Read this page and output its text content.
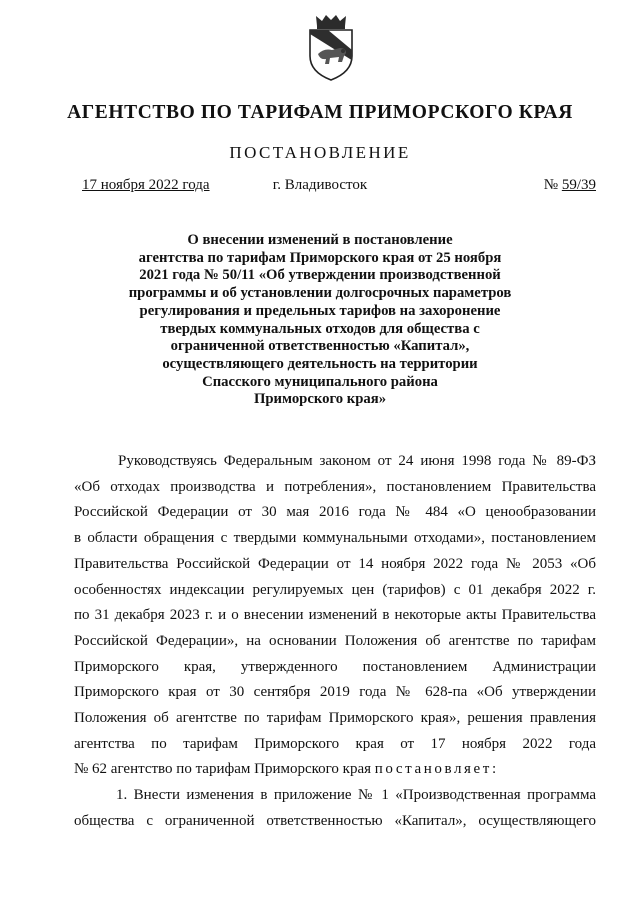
АГЕНТСТВО ПО ТАРИФАМ ПРИМОРСКОГО КРАЯ
ПОСТАНОВЛЕНИЕ
17 ноября 2022 года	г. Владивосток	№ 59/39
О внесении изменений в постановление
агентства по тарифам Приморского края от 25 ноября
2021 года № 50/11 «Об утверждении производственной
программы и об установлении долгосрочных параметров
регулирования и предельных тарифов на захоронение
твердых коммунальных отходов для общества с
ограниченной ответственностью «Капитал»,
осуществляющего деятельность на территории
Спасского муниципального района
Приморского края»
Руководствуясь Федеральным законом от 24 июня 1998 года № 89-ФЗ
«Об отходах производства и потребления», постановлением Правительства
Российской Федерации от 30 мая 2016 года № 484 «О ценообразовании
в области обращения с твердыми коммунальными отходами», постановлением
Правительства Российской Федерации от 14 ноября 2022 года № 2053 «Об
особенностях индексации регулируемых цен (тарифов) с 01 декабря 2022 г.
по 31 декабря 2023 г. и о внесении изменений в некоторые акты Правительства
Российской Федерации», на основании Положения об агентстве по тарифам
Приморского края, утвержденного постановлением Администрации
Приморского края от 30 сентября 2019 года № 628-па «Об утверждении
Положения об агентстве по тарифам Приморского края», решения правления
агентства по тарифам Приморского края от 17 ноября 2022 года
№ 62 агентство по тарифам Приморского края постановляет:
1. Внести изменения в приложение № 1 «Производственная программа
общества с ограниченной ответственностью «Капитал», осуществляющего
